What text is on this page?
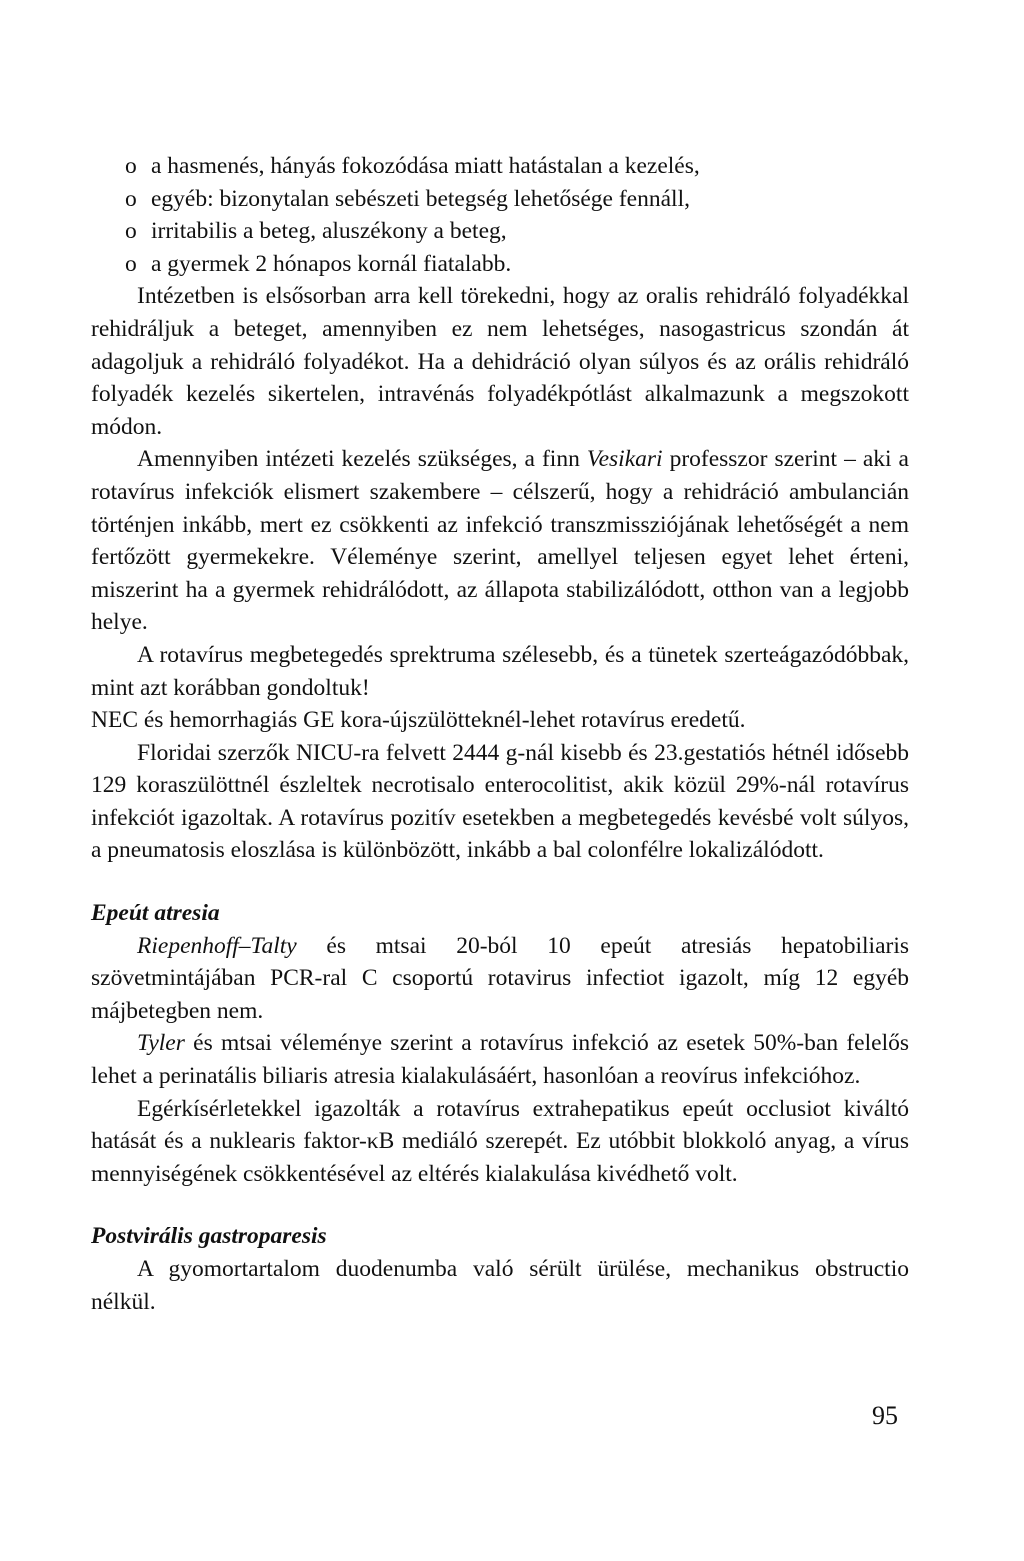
o a hasmenés, hányás fokozódása miatt hatástalan a kezelés,
o egyéb: bizonytalan sebészeti betegség lehetősége fennáll,
o irritabilis a beteg, aluszékony a beteg,
o a gyermek 2 hónapos kornál fiatalabb.

Intézetben is elsősorban arra kell törekedni, hogy az oralis rehidráló folyadékkal rehidráljuk a beteget, amennyiben ez nem lehetséges, nasogastricus szondán át adagoljuk a rehidráló folyadékot. Ha a dehidráció olyan súlyos és az orális rehidráló folyadék kezelés sikertelen, intravénás folyadékpótlást alkalmazunk a megszokott módon.

Amennyiben intézeti kezelés szükséges, a finn Vesikari professzor szerint – aki a rotavírus infekciók elismert szakembere – célszerű, hogy a rehidráció ambulancián történjen inkább, mert ez csökkenti az infekció transzmissziójának lehetőségét a nem fertőzött gyermekekre. Véleménye szerint, amellyel teljesen egyet lehet érteni, miszerint ha a gyermek rehidrálódott, az állapota stabilizálódott, otthon van a legjobb helye.

A rotavírus megbetegedés sprektruma szélesebb, és a tünetek szerteágazódóbbak, mint azt korábban gondoltuk!

NEC és hemorrhagiás GE kora-újszülötteknél-lehet rotavírus eredetű.

Floridai szerzők NICU-ra felvett 2444 g-nál kisebb és 23.gestatiós hétnél idősebb 129 koraszülöttnél észleltek necrotisalo enterocolitist, akik közül 29%-nál rotavírus infekciót igazoltak. A rotavírus pozitív esetekben a megbetegedés kevésbé volt súlyos, a pneumatosis eloszlása is különbözött, inkább a bal colonfélre lokalizálódott.

Epeút atresia

Riepenhoff–Talty és mtsai 20-ból 10 epeút atresiás hepatobiliaris szövetmintájában PCR-ral C csoportú rotavirus infectiot igazolt, míg 12 egyéb májbetegben nem.

Tyler és mtsai véleménye szerint a rotavírus infekció az esetek 50%-ban felelős lehet a perinatális biliaris atresia kialakulásáért, hasonlóan a reovírus infekcióhoz.

Egérkísérletekkel igazolták a rotavírus extrahepatikus epeút occlusiot kiváltó hatását és a nuklearis faktor-κB mediáló szerepét. Ez utóbbit blokkoló anyag, a vírus mennyiségének csökkentésével az eltérés kialakulása kivédhető volt.

Postvirális gastroparesis

A gyomortartalom duodenumba való sérült ürülése, mechanikus obstructio nélkül.

95
